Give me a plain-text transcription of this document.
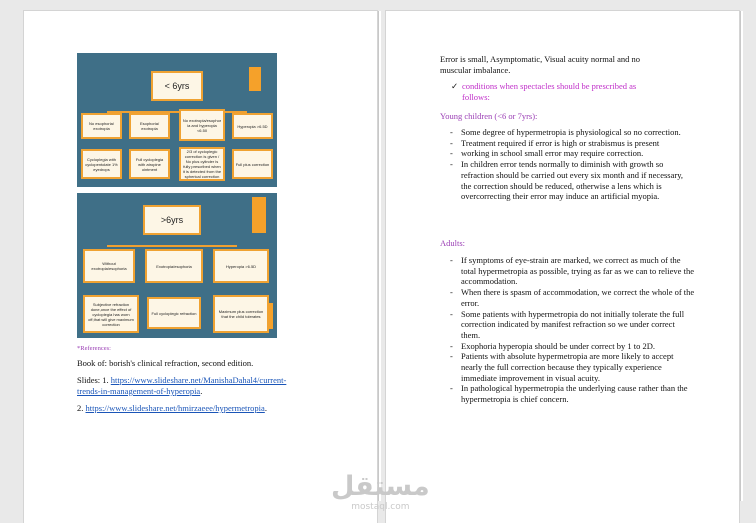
< 6yrs
No esophoria/ exotropia
Esophoria/ exotropia
No exotropia/esophor ia and hyperopia <6.50
Hyperopia >6.5D
Cycloplegia with cyclopentolate 1% eyedrops
Full cycloplegia with atropine ointment
2/3 of cycloplegic correction is given / No plus cylinder is fully prescribed when it is detected from the spherical correction
Full plus correction
>6yrs
Without exotropia/esophoria	Exotropia/esophoria	Hyperopia >6.5D
Subjective refraction done,once the effect of cycloplegia has worn off,that will give maximum correction
Full cycloplegic refraction	Maximum plus correction that the child tolerates
*References:
Book of: borish's clinical refraction, second edition.
Slides: 1. https://www.slideshare.net/ManishaDahal4/current-
trends-in-management-of-hyperopia.
2. https://www.slideshare.net/hmirzaeee/hypermetropia.
Error is small, Asymptomatic, Visual acuity normal and no
muscular imbalance.
✓ conditions when spectacles should be prescribed as
follows:
Young children (<6 or 7yrs):
- Some degree of hypermetropia is physiological so no correction.
- Treatment required if error is high or strabismus is present
- working in school small error may require correction.
- In children error tends normally to diminish with growth so refraction should be carried out every six month and if necessary, the correction should be reduced, otherwise a lens which is overcorrecting their error may induce an artificial myopia.
Adults:
- If symptoms of eye-strain are marked, we correct as much of the total hypermetropia as possible, trying as far as we can to relieve the accommodation.
- When there is spasm of accommodation, we correct the whole of the error.
- Some patients with hypermetropia do not initially tolerate the full correction indicated by manifest refraction so we under correct them.
- Exophoria hyperopia should be under correct by 1 to 2D.
- Patients with absolute hypermetropia are more likely to accept nearly the full correction because they typically experience immediate improvement in visual acuity.
- In pathological hypermetropia the underlying cause rather than the hypermetropia is chief concern.
مستقل
mostaql.com
